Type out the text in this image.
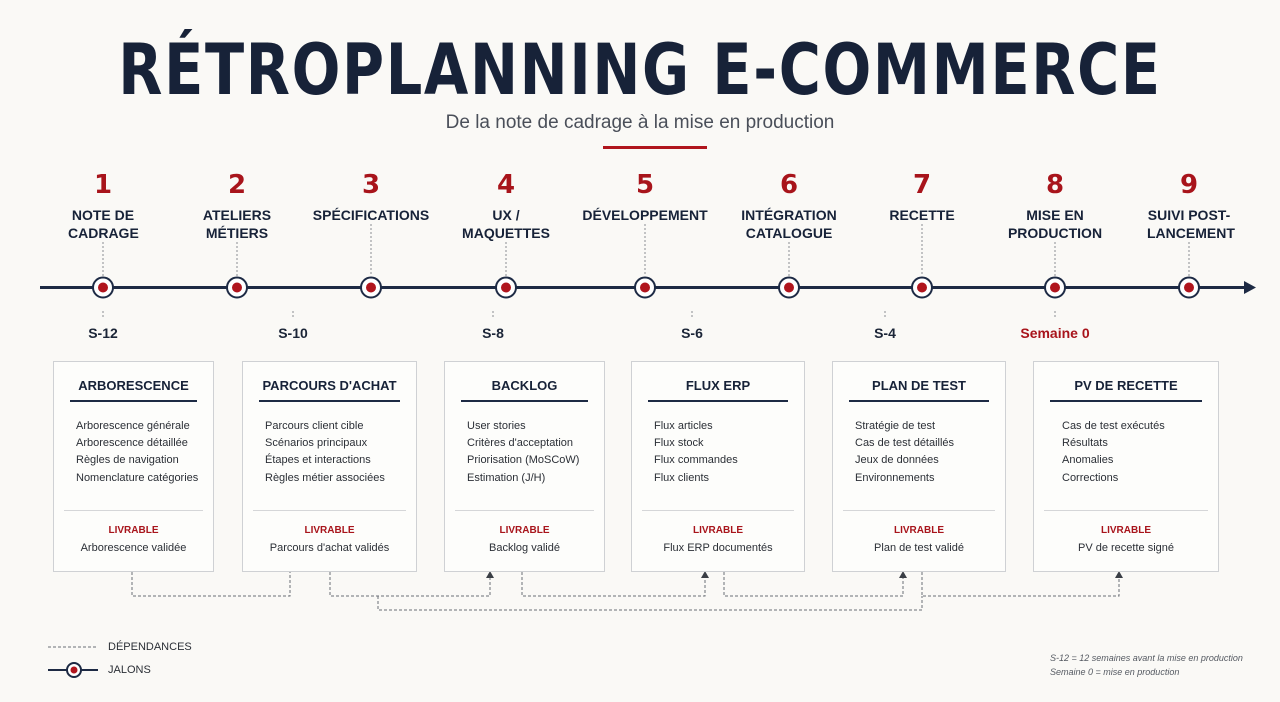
RÉTROPLANNING E-COMMERCE
De la note de cadrage à la mise en production
1
NOTE DE CADRAGE
2
ATELIERS MÉTIERS
3
SPÉCIFICATIONS
4
UX / MAQUETTES
5
DÉVELOPPEMENT
6
INTÉGRATION CATALOGUE
7
RECETTE
8
MISE EN PRODUCTION
9
SUIVI POST-LANCEMENT
S-12	S-10	S-8	S-6	S-4	Semaine 0
ARBORESCENCE
Arborescence générale
Arborescence détaillée
Règles de navigation
Nomenclature catégories
LIVRABLE
Arborescence validée
PARCOURS D'ACHAT
Parcours client cible
Scénarios principaux
Étapes et interactions
Règles métier associées
LIVRABLE
Parcours d'achat validés
BACKLOG
User stories
Critères d'acceptation
Priorisation (MoSCoW)
Estimation (J/H)
LIVRABLE
Backlog validé
FLUX ERP
Flux articles
Flux stock
Flux commandes
Flux clients
LIVRABLE
Flux ERP documentés
PLAN DE TEST
Stratégie de test
Cas de test détaillés
Jeux de données
Environnements
LIVRABLE
Plan de test validé
PV DE RECETTE
Cas de test exécutés
Résultats
Anomalies
Corrections
LIVRABLE
PV de recette signé
DÉPENDANCES
JALONS
S-12 = 12 semaines avant la mise en production
Semaine 0 = mise en production
